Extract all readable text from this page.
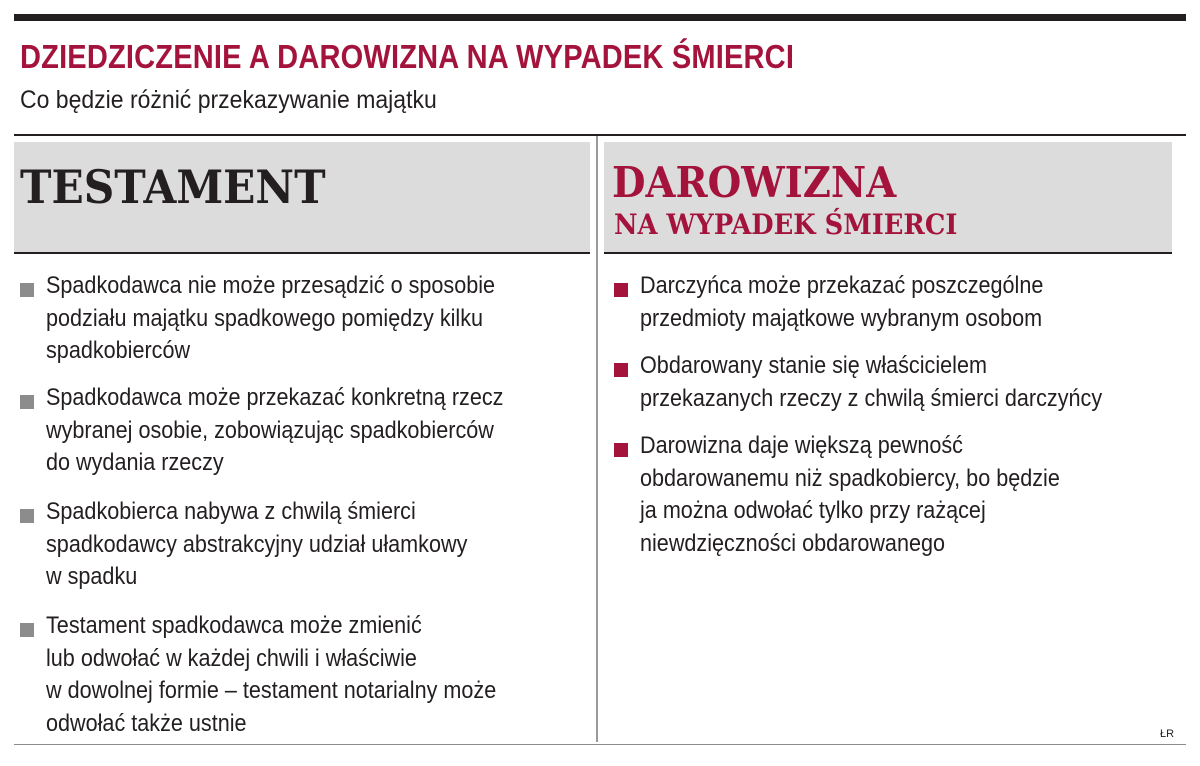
DZIEDZICZENIE A DAROWIZNA NA WYPADEK ŚMIERCI
Co będzie różnić przekazywanie majątku
TESTAMENT	DAROWIZNA
NA WYPADEK ŚMIERCI
Spadkodawca nie może przesądzić o sposobie
podziału majątku spadkowego pomiędzy kilku
spadkobierców
Spadkodawca może przekazać konkretną rzecz
wybranej osobie, zobowiązując spadkobierców
do wydania rzeczy
Spadkobierca nabywa z chwilą śmierci
spadkodawcy abstrakcyjny udział ułamkowy
w spadku
Testament spadkodawca może zmienić
lub odwołać w każdej chwili i właściwie
w dowolnej formie – testament notarialny może
odwołać także ustnie
Darczyńca może przekazać poszczególne
przedmioty majątkowe wybranym osobom
Obdarowany stanie się właścicielem
przekazanych rzeczy z chwilą śmierci darczyńcy
Darowizna daje większą pewność
obdarowanemu niż spadkobiercy, bo będzie
ja można odwołać tylko przy rażącej
niewdzięczności obdarowanego
ŁR
